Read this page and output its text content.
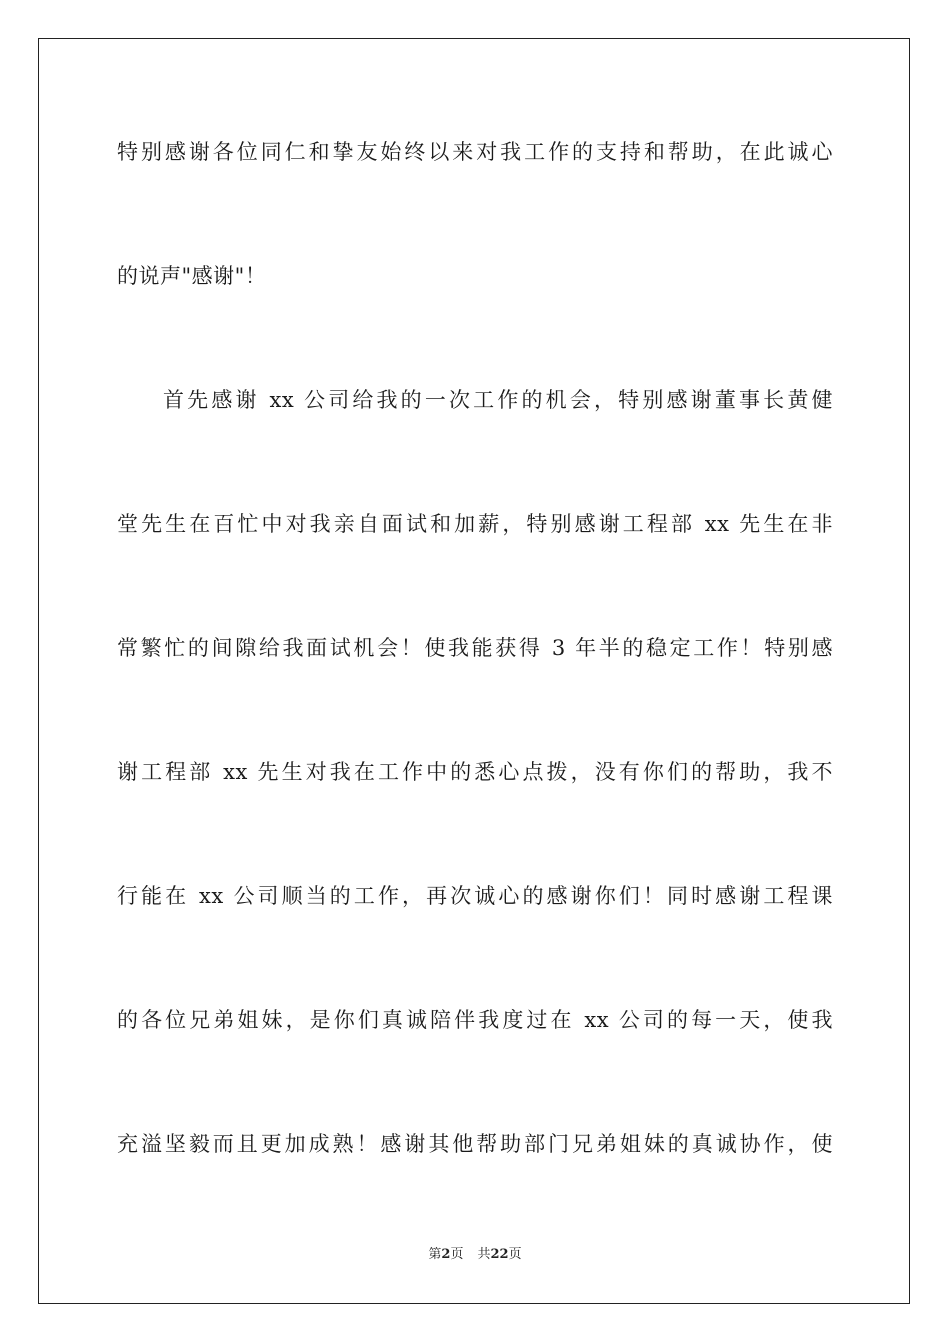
特别感谢各位同仁和挚友始终以来对我工作的支持和帮助，在此诚心
的说声"感谢"！
首先感谢 xx 公司给我的一次工作的机会，特别感谢董事长黄健
堂先生在百忙中对我亲自面试和加薪，特别感谢工程部 xx 先生在非
常繁忙的间隙给我面试机会！使我能获得 3 年半的稳定工作！特别感
谢工程部 xx 先生对我在工作中的悉心点拨，没有你们的帮助，我不
行能在 xx 公司顺当的工作，再次诚心的感谢你们！同时感谢工程课
的各位兄弟姐妹，是你们真诚陪伴我度过在 xx 公司的每一天，使我
充溢坚毅而且更加成熟！感谢其他帮助部门兄弟姐妹的真诚协作，使
第2页 共22页
